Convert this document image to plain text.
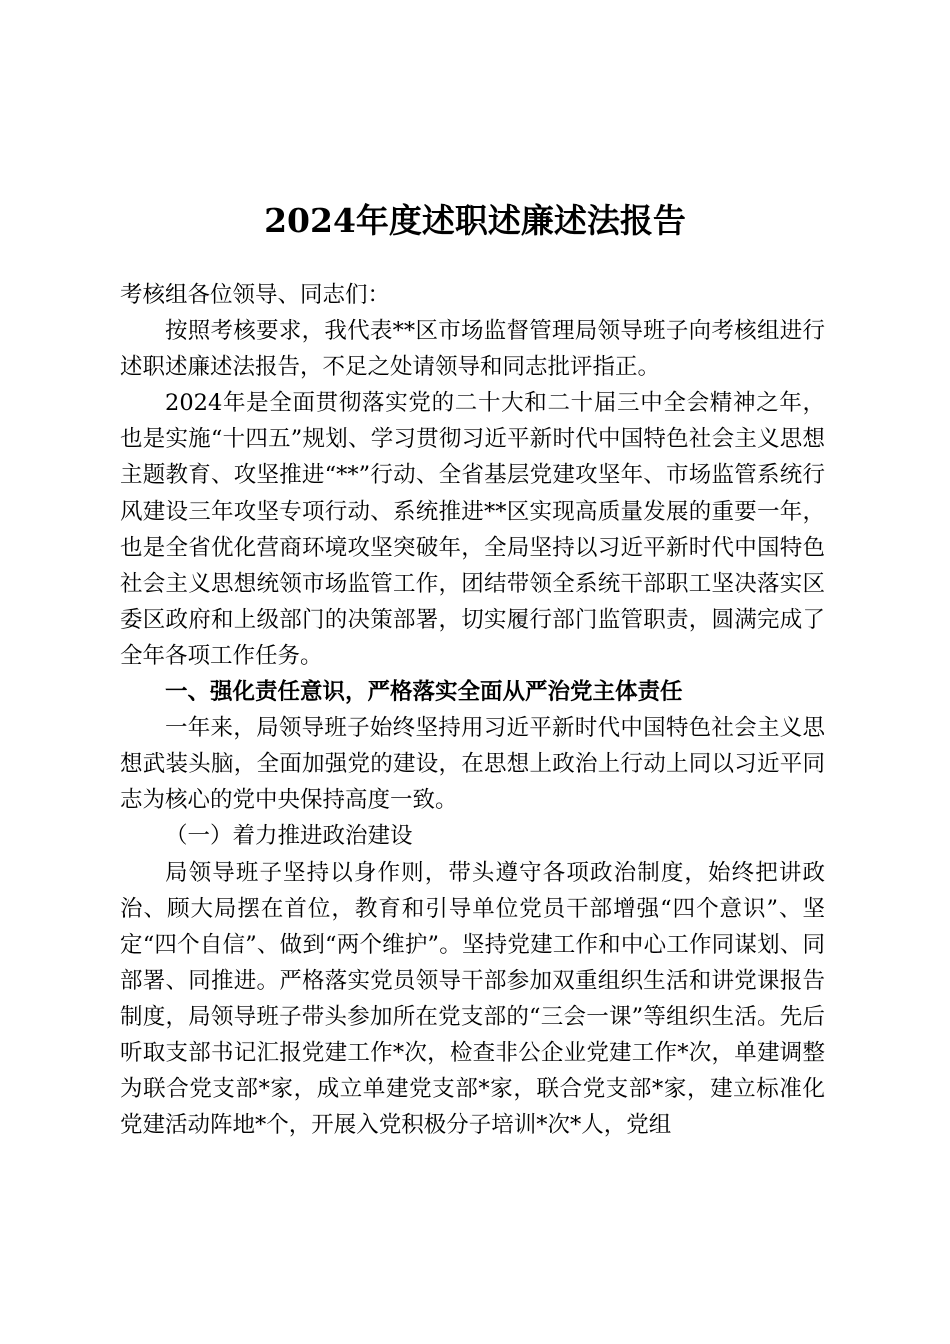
2024年度述职述廉述法报告

考核组各位领导、同志们：

按照考核要求，我代表**区市场监督管理局领导班子向考核组进行述职述廉述法报告，不足之处请领导和同志批评指正。

2024年是全面贯彻落实党的二十大和二十届三中全会精神之年，也是实施“十四五”规划、学习贯彻习近平新时代中国特色社会主义思想主题教育、攻坚推进“**”行动、全省基层党建攻坚年、市场监管系统行风建设三年攻坚专项行动、系统推进**区实现高质量发展的重要一年，也是全省优化营商环境攻坚突破年，全局坚持以习近平新时代中国特色社会主义思想统领市场监管工作，团结带领全系统干部职工坚决落实区委区政府和上级部门的决策部署，切实履行部门监管职责，圆满完成了全年各项工作任务。

一、强化责任意识，严格落实全面从严治党主体责任

一年来，局领导班子始终坚持用习近平新时代中国特色社会主义思想武装头脑，全面加强党的建设，在思想上政治上行动上同以习近平同志为核心的党中央保持高度一致。

（一）着力推进政治建设

局领导班子坚持以身作则，带头遵守各项政治制度，始终把讲政治、顾大局摆在首位，教育和引导单位党员干部增强“四个意识”、坚定“四个自信”、做到“两个维护”。坚持党建工作和中心工作同谋划、同部署、同推进。严格落实党员领导干部参加双重组织生活和讲党课报告制度，局领导班子带头参加所在党支部的“三会一课”等组织生活。先后听取支部书记汇报党建工作*次，检查非公企业党建工作*次，单建调整为联合党支部*家，成立单建党支部*家，联合党支部*家，建立标准化党建活动阵地*个，开展入党积极分子培训*次*人，党组
